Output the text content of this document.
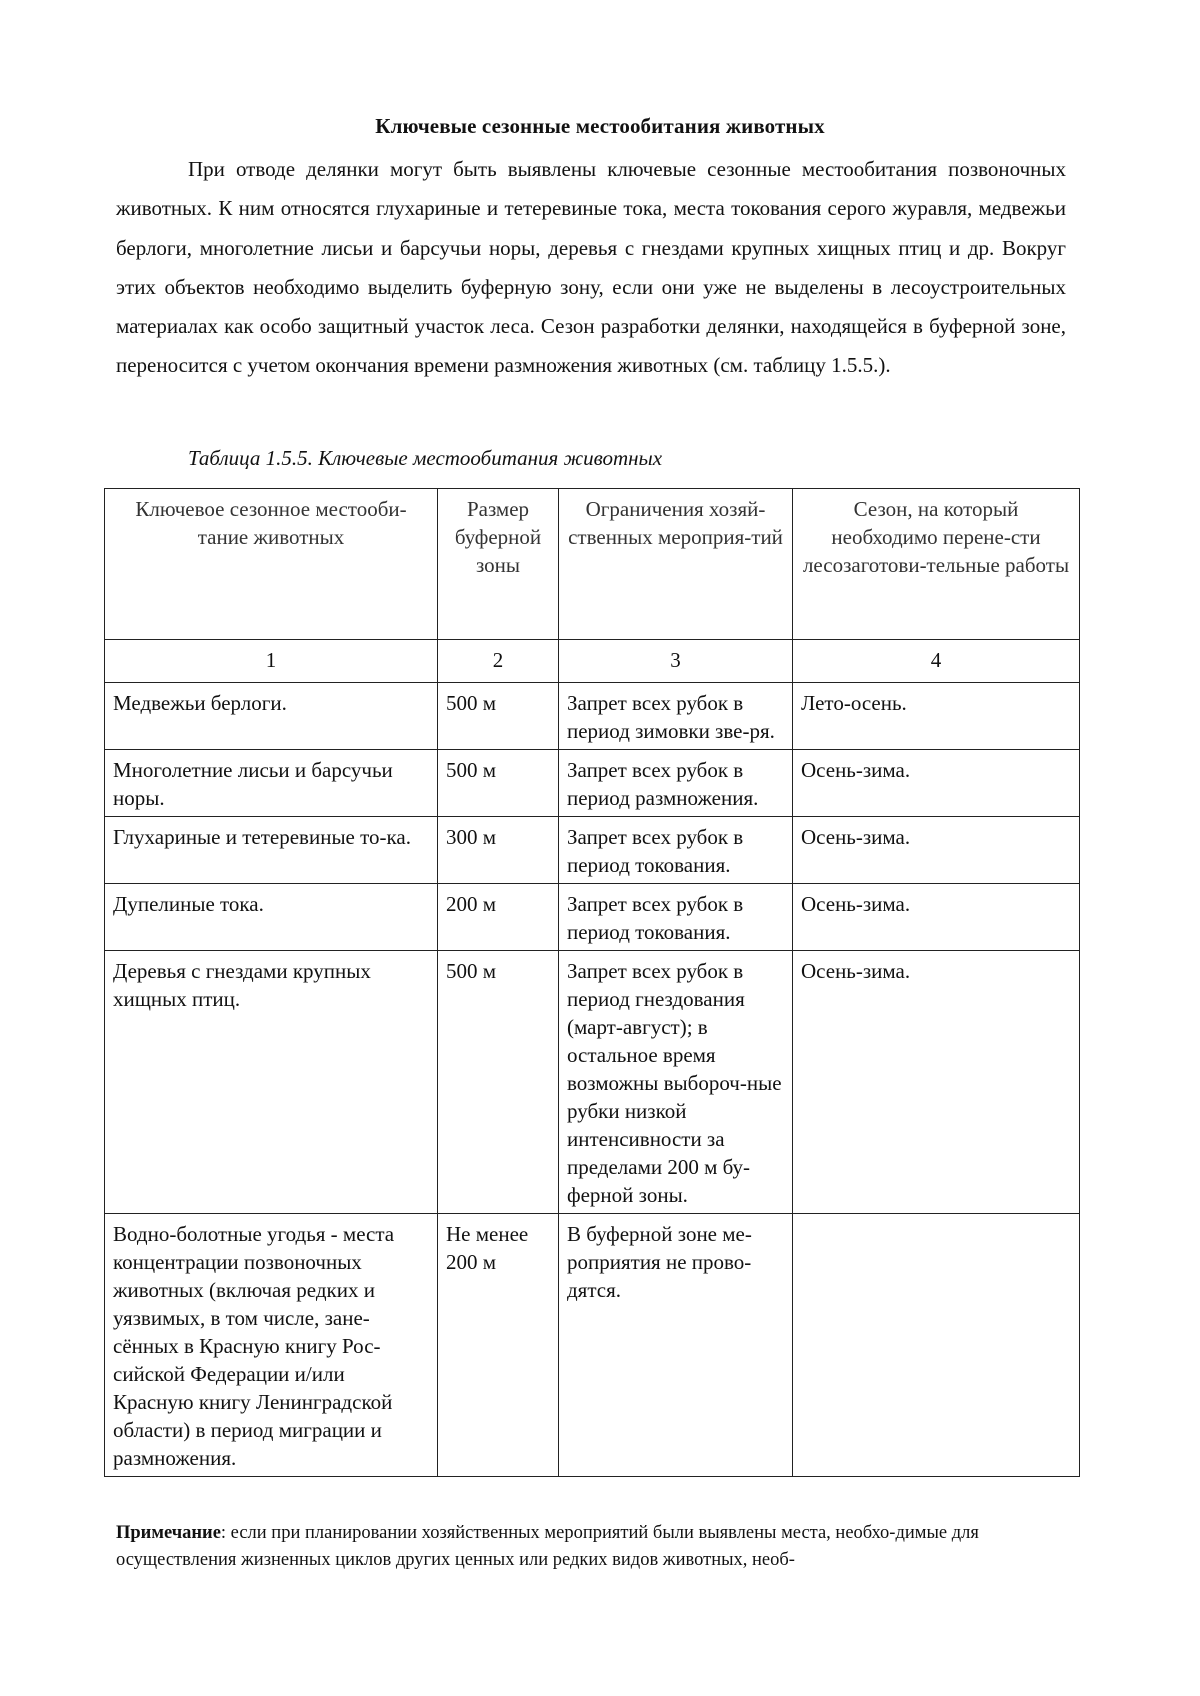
Ключевые сезонные местообитания животных

При отводе делянки могут быть выявлены ключевые сезонные местообитания позвоночных животных. К ним относятся глухариные и тетеревиные тока, места токования серого журавля, медвежьи берлоги, многолетние лисьи и барсучьи норы, деревья с гнездами крупных хищных птиц и др. Вокруг этих объектов необходимо выделить буферную зону, если они уже не выделены в лесоустроительных материалах как особо защитный участок леса. Сезон разработки делянки, находящейся в буферной зоне, переносится с учетом окончания времени размножения животных (см. таблицу 1.5.5.).

Таблица 1.5.5. Ключевые местообитания животных
Ключевое сезонное местооби-тание животных	Размер буферной зоны	Ограничения хозяй-ственных мероприя-тий	Сезон, на который необходимо перене-сти лесозаготови-тельные работы
1	2	3	4
Медвежьи берлоги.	500 м	Запрет всех рубок в период зимовки зве-ря.	Лето-осень.
Многолетние лисьи и барсучьи норы.	500 м	Запрет всех рубок в период размножения.	Осень-зима.
Глухариные и тетеревиные то-ка.	300 м	Запрет всех рубок в период токования.	Осень-зима.
Дупелиные тока.	200 м	Запрет всех рубок в период токования.	Осень-зима.
Деревья с гнездами крупных хищных птиц.	500 м	Запрет всех рубок в период гнездования (март-август); в остальное время возможны выбороч-ные рубки низкой интенсивности за пределами 200 м бу-ферной зоны.	Осень-зима.
Водно-болотные угодья - места концентрации позвоночных животных (включая редких и уязвимых, в том числе, зане-сённых в Красную книгу Рос-сийской Федерации и/или Красную книгу Ленинградской области) в период миграции и размножения.	Не менее 200 м	В буферной зоне ме-роприятия не прово-дятся.	

Примечание: если при планировании хозяйственных мероприятий были выявлены места, необхо-димые для осуществления жизненных циклов других ценных или редких видов животных, необ-
